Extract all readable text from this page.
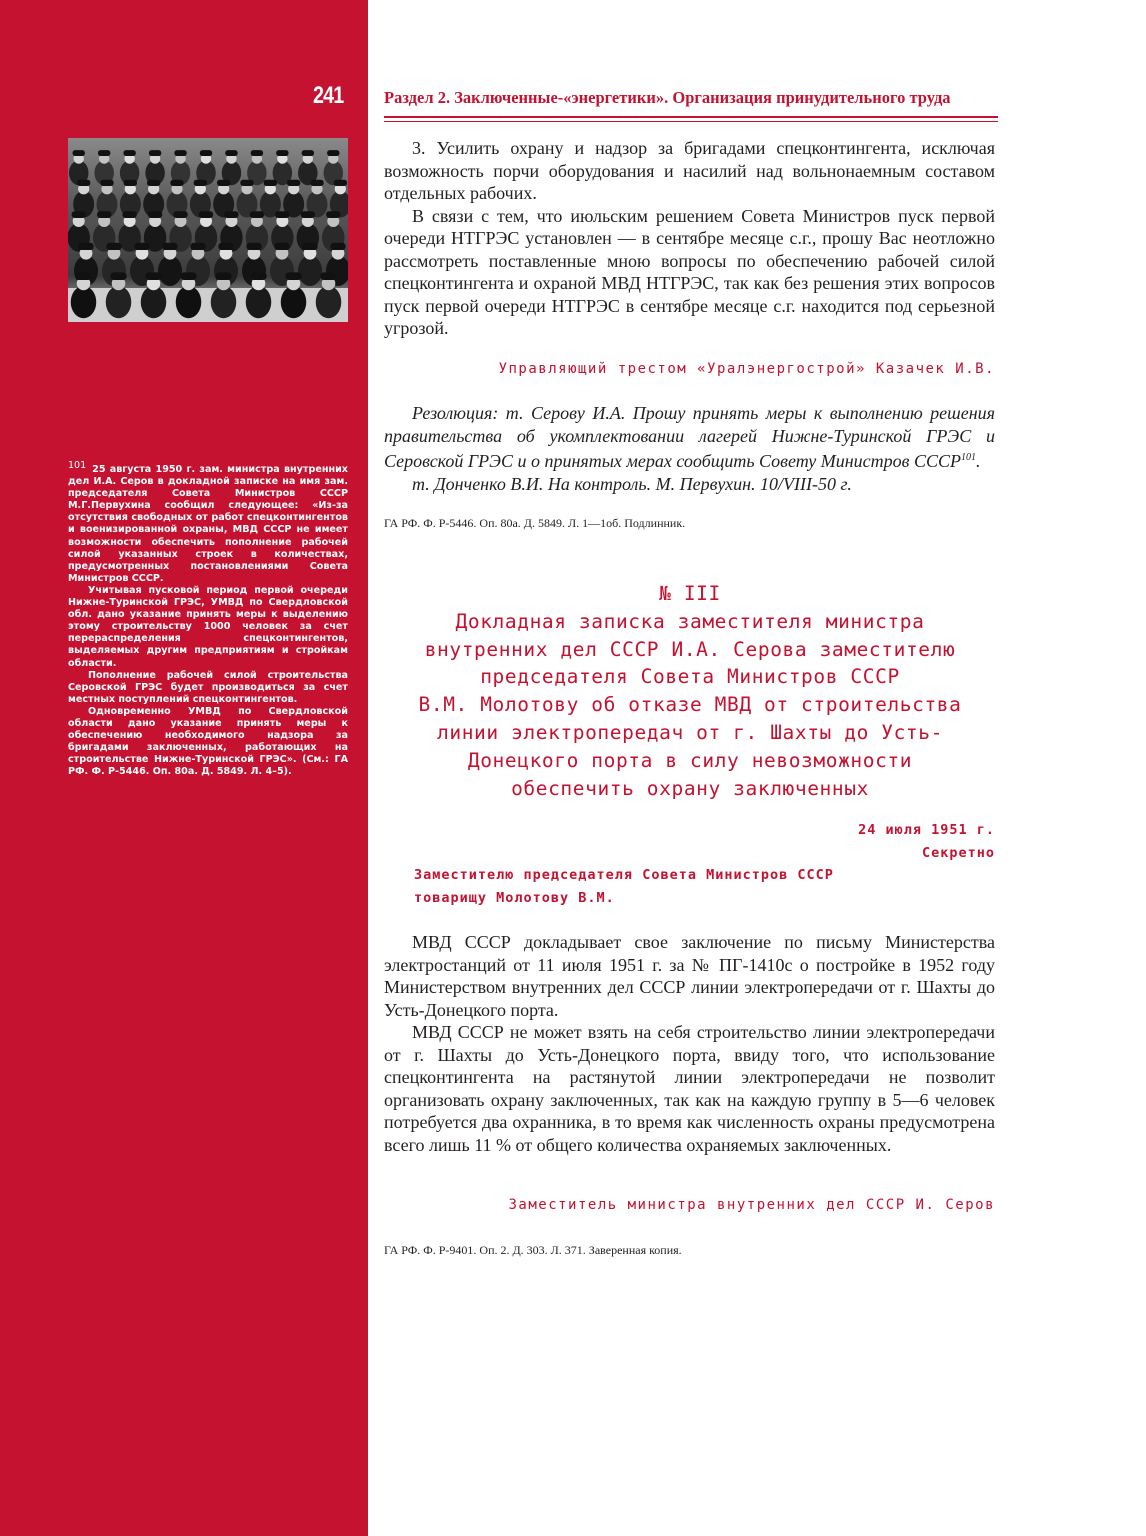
241

101 25 августа 1950 г. зам. министра внутренних дел И.А. Серов в докладной записке на имя зам. председателя Совета Министров СССР М.Г.Первухина сообщил следующее: «Из-за отсутствия свободных от работ спецконтингентов и военизированной охраны, МВД СССР не имеет возможности обеспечить пополнение рабочей силой указанных строек в количествах, предусмотренных постановлениями Совета Министров СССР.

Учитывая пусковой период первой очереди Нижне-Туринской ГРЭС, УМВД по Свердловской обл. дано указание принять меры к выделению этому строительству 1000 человек за счет перераспределения спецконтингентов, выделяемых другим предприятиям и стройкам области.

Пополнение рабочей силой строительства Серовской ГРЭС будет производиться за счет местных поступлений спецконтингентов.

Одновременно УМВД по Свердловской области дано указание принять меры к обеспечению необходимого надзора за бригадами заключенных, работающих на строительстве Нижне-Туринской ГРЭС». (См.: ГА РФ. Ф. Р-5446. Оп. 80а. Д. 5849. Л. 4–5).

Раздел 2. Заключенные-«энергетики». Организация принудительного труда

3. Усилить охрану и надзор за бригадами спецконтингента, исключая возможность порчи оборудования и насилий над вольнонаемным составом отдельных рабочих.

В связи с тем, что июльским решением Совета Министров пуск первой очереди НТГРЭС установлен — в сентябре месяце с.г., прошу Вас неотложно рассмотреть поставленные мною вопросы по обеспечению рабочей силой спецконтингента и охраной МВД НТГРЭС, так как без решения этих вопросов пуск первой очереди НТГРЭС в сентябре месяце с.г. находится под серьезной угрозой.

Управляющий трестом «Уралэнергострой» Казачек И.В.

Резолюция: т. Серову И.А. Прошу принять меры к выполнению решения правительства об укомплектовании лагерей Нижне-Туринской ГРЭС и Серовской ГРЭС и о принятых мерах сообщить Совету Министров СССР$^{101}$.

т. Донченко В.И. На контроль. М. Первухин. 10/VIII-50 г.

ГА РФ. Ф. Р-5446. Оп. 80а. Д. 5849. Л. 1—1об. Подлинник.
№ III
Докладная записка заместителя министра
внутренних дел СССР И.А. Серова заместителю
председателя Совета Министров СССР
В.М. Молотову об отказе МВД от строительства
линии электропередач от г. Шахты до Усть-
Донецкого порта в силу невозможности
обеспечить охрану заключенных
24 июля 1951 г.
Секретно
Заместителю председателя Совета Министров СССР
товарищу Молотову В.М.

МВД СССР докладывает свое заключение по письму Министерства электростанций от 11 июля 1951 г. за № ПГ-1410с о постройке в 1952 году Министерством внутренних дел СССР линии электропередачи от г. Шахты до Усть-Донецкого порта.

МВД СССР не может взять на себя строительство линии электропередачи от г. Шахты до Усть-Донецкого порта, ввиду того, что использование спецконтингента на растянутой линии электропередачи не позволит организовать охрану заключенных, так как на каждую группу в 5—6 человек потребуется два охранника, в то время как численность охраны предусмотрена всего лишь 11 % от общего количества охраняемых заключенных.

Заместитель министра внутренних дел СССР И. Серов
ГА РФ. Ф. Р-9401. Оп. 2. Д. 303. Л. 371. Заверенная копия.
